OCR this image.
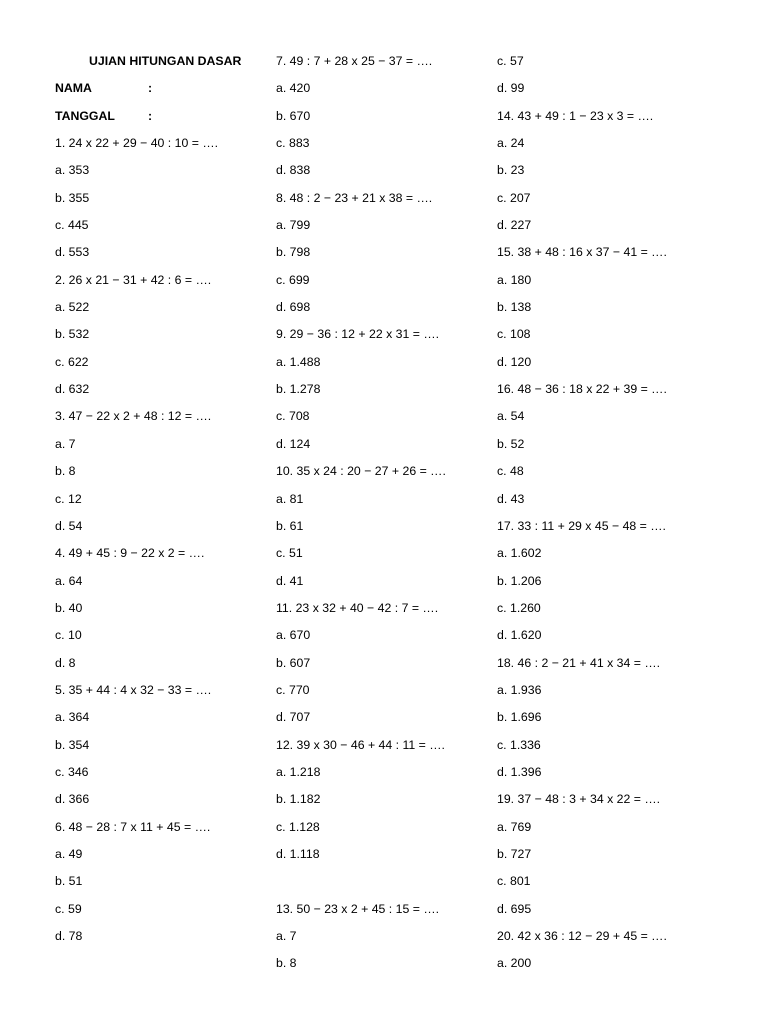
UJIAN HITUNGAN DASAR
NAMA	:
TANGGAL	:
1. 24 x 22 + 29 − 40 : 10 = ….
a. 353
b. 355
c. 445
d. 553
2. 26 x 21 − 31 + 42 : 6 = ….
a. 522
b. 532
c. 622
d. 632
3. 47 − 22 x 2 + 48 : 12 = ….
a. 7
b. 8
c. 12
d. 54
4. 49 + 45 : 9 − 22 x 2 = ….
a. 64
b. 40
c. 10
d. 8
5. 35 + 44 : 4 x 32 − 33 = ….
a. 364
b. 354
c. 346
d. 366
6. 48 − 28 : 7 x 11 + 45 = ….
a. 49
b. 51
c. 59
d. 78
7. 49 : 7 + 28 x 25 − 37 = ….
a. 420
b. 670
c. 883
d. 838
8. 48 : 2 − 23 + 21 x 38 = ….
a. 799
b. 798
c. 699
d. 698
9. 29 − 36 : 12 + 22 x 31 = ….
a. 1.488
b. 1.278
c. 708
d. 124
10. 35 x 24 : 20 − 27 + 26 = ….
a. 81
b. 61
c. 51
d. 41
11. 23 x 32 + 40 − 42 : 7 = ….
a. 670
b. 607
c. 770
d. 707
12. 39 x 30 − 46 + 44 : 11 = ….
a. 1.218
b. 1.182
c. 1.128
d. 1.118
13. 50 − 23 x 2 + 45 : 15 = ….
a. 7
b. 8
c. 57
d. 99
14. 43 + 49 : 1 − 23 x 3 = ….
a. 24
b. 23
c. 207
d. 227
15. 38 + 48 : 16 x 37 − 41 = ….
a. 180
b. 138
c. 108
d. 120
16. 48 − 36 : 18 x 22 + 39 = ….
a. 54
b. 52
c. 48
d. 43
17. 33 : 11 + 29 x 45 − 48 = ….
a. 1.602
b. 1.206
c. 1.260
d. 1.620
18. 46 : 2 − 21 + 41 x 34 = ….
a. 1.936
b. 1.696
c. 1.336
d. 1.396
19. 37 − 48 : 3 + 34 x 22 = ….
a. 769
b. 727
c. 801
d. 695
20. 42 x 36 : 12 − 29 + 45 = ….
a. 200
